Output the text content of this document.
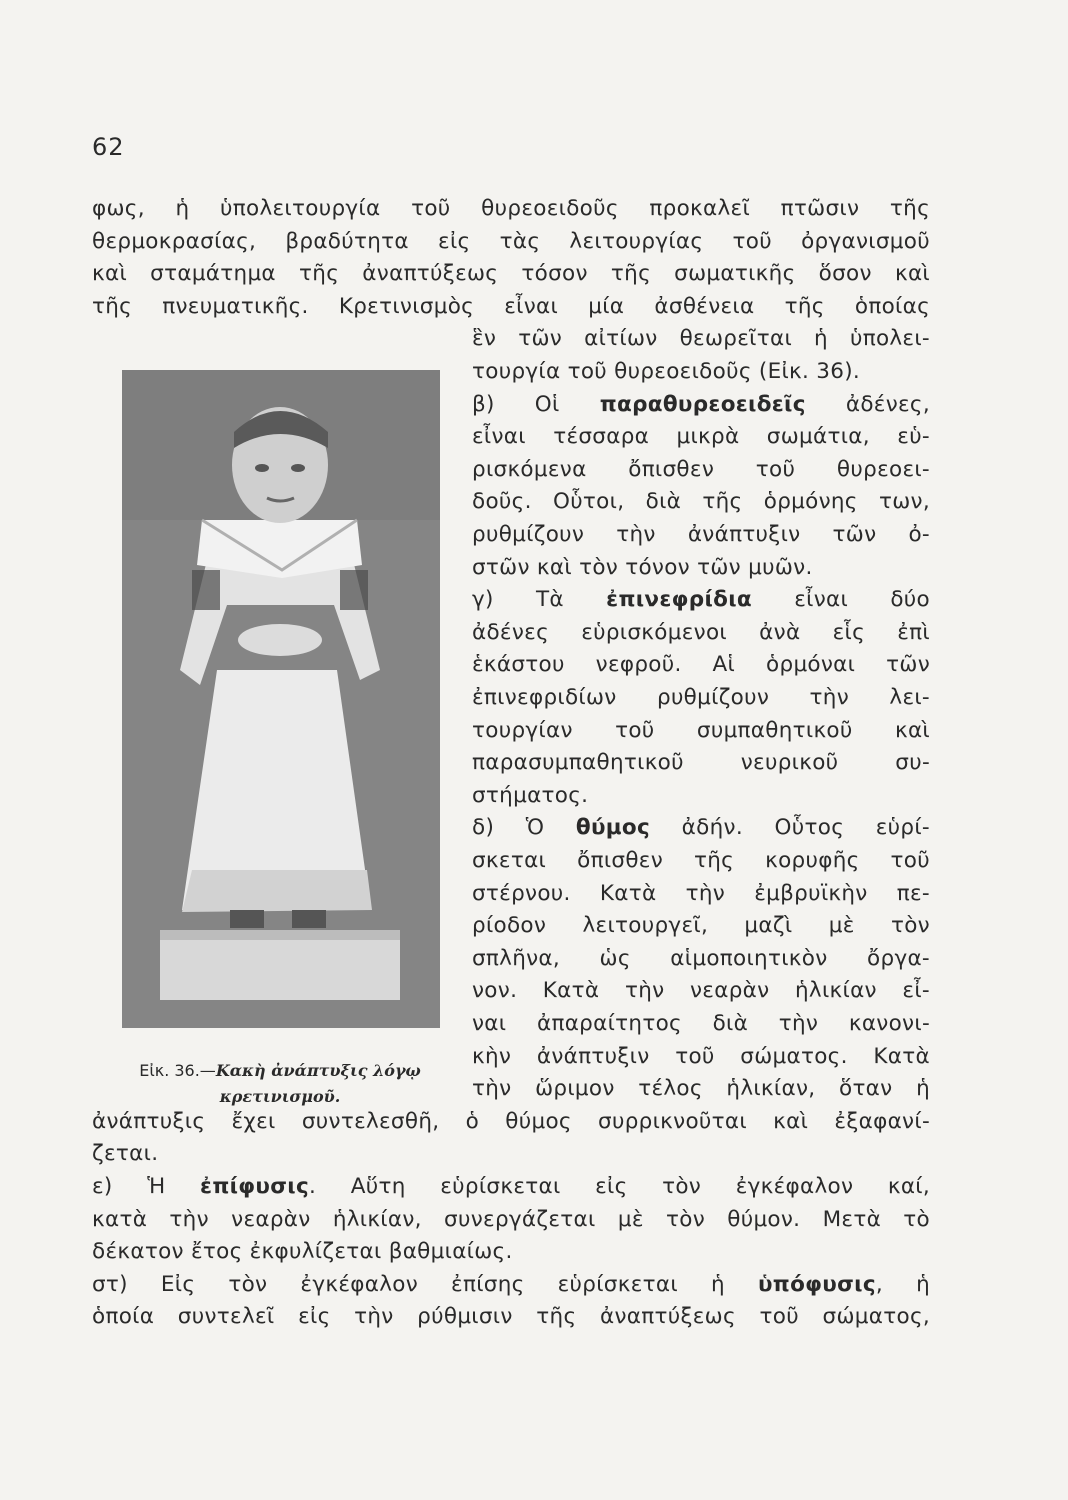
62
φως, ἡ ὑπολειτουργία τοῦ θυρεοειδοῦς προκαλεῖ πτῶσιν τῆς
θερμοκρασίας, βραδύτητα εἰς τὰς λειτουργίας τοῦ ὀργανισμοῦ
καὶ σταμάτημα τῆς ἀναπτύξεως τόσον τῆς σωματικῆς ὅσον καὶ
τῆς πνευματικῆς. Κρετινισμὸς εἶναι μία ἀσθένεια τῆς ὁποίας
ἓν τῶν αἰτίων θεωρεῖται ἡ ὑπολει-
τουργία τοῦ θυρεοειδοῦς (Εἰκ. 36).
β) Οἱ παραθυρεοειδεῖς ἀδένες,
εἶναι τέσσαρα μικρὰ σωμάτια, εὑ-
ρισκόμενα ὄπισθεν τοῦ θυρεοει-
δοῦς. Οὗτοι, διὰ τῆς ὁρμόνης των,
ρυθμίζουν τὴν ἀνάπτυξιν τῶν ὀ-
στῶν καὶ τὸν τόνον τῶν μυῶν.
γ) Τὰ ἐπινεφρίδια εἶναι δύο
ἀδένες εὑρισκόμενοι ἀνὰ εἷς ἐπὶ
ἑκάστου νεφροῦ. Αἱ ὁρμόναι τῶν
ἐπινεφριδίων ρυθμίζουν τὴν λει-
τουργίαν τοῦ συμπαθητικοῦ καὶ
παρασυμπαθητικοῦ νευρικοῦ συ-
στήματος.
δ) Ὁ θύμος ἀδήν. Οὗτος εὑρί-
σκεται ὄπισθεν τῆς κορυφῆς τοῦ
στέρνου. Κατὰ τὴν ἐμβρυϊκὴν πε-
ρίοδον λειτουργεῖ, μαζὶ μὲ τὸν
σπλῆνα, ὡς αἱμοποιητικὸν ὄργα-
νον. Κατὰ τὴν νεαρὰν ἡλικίαν εἶ-
ναι ἀπαραίτητος διὰ τὴν κανονι-
κὴν ἀνάπτυξιν τοῦ σώματος. Κατὰ
τὴν ὥριμον τέλος ἡλικίαν, ὅταν ἡ
ἀνάπτυξις ἔχει συντελεσθῆ, ὁ θύμος συρρικνοῦται καὶ ἐξαφανί-
ζεται.
ε) Ἡ ἐπίφυσις. Αὕτη εὑρίσκεται εἰς τὸν ἐγκέφαλον καί,
κατὰ τὴν νεαρὰν ἡλικίαν, συνεργάζεται μὲ τὸν θύμον. Μετὰ τὸ
δέκατον ἔτος ἐκφυλίζεται βαθμιαίως.
στ) Εἰς τὸν ἐγκέφαλον ἐπίσης εὑρίσκεται ἡ ὑπόφυσις, ἡ
ὁποία συντελεῖ εἰς τὴν ρύθμισιν τῆς ἀναπτύξεως τοῦ σώματος,
Εἰκ. 36.—Κακὴ ἀνάπτυξις λόγῳ
κρετινισμοῦ.
